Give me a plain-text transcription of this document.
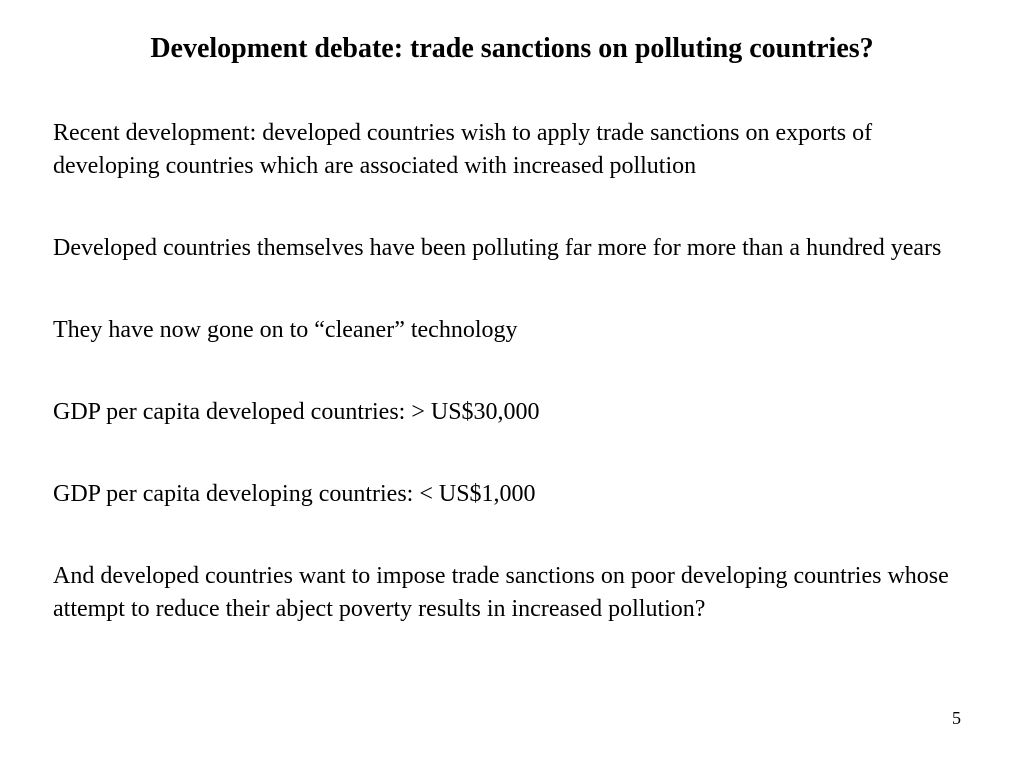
Development debate: trade sanctions on polluting countries?

Recent development: developed countries wish to apply trade sanctions on exports of developing countries which are associated with increased pollution

Developed countries themselves have been polluting far more for more than a hundred years

They have now gone on to “cleaner” technology

GDP per capita developed countries: > US$30,000

GDP per capita developing countries: < US$1,000

And developed countries want to impose trade sanctions on poor developing countries whose attempt to reduce their abject poverty results in increased pollution?

5
